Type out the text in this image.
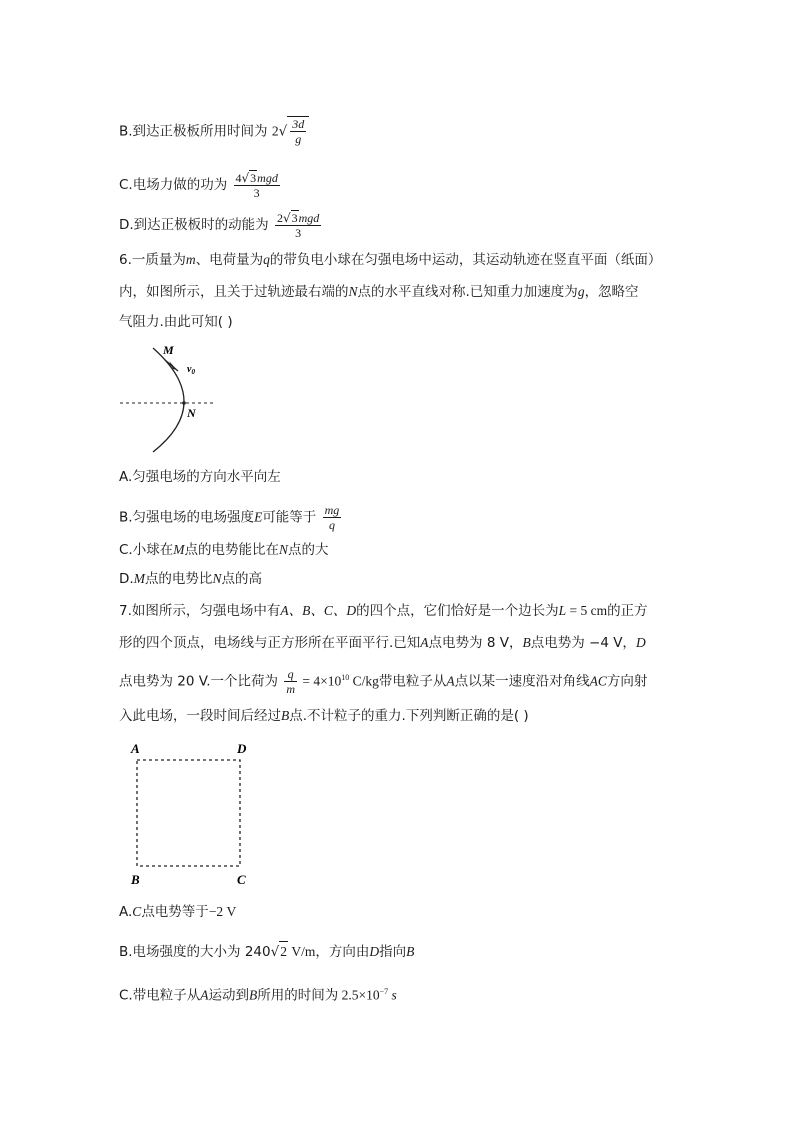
B.到达正极板所用时间为 $2√ \frac{3d}{g}$
C.电场力做的功为 $\frac{\text{4√3mgd}}{3}$
D.到达正极板时的动能为 $\frac{\text{2√3mgd}}{3}$
6.一质量为m、电荷量为q的带负电小球在匀强电场中运动，其运动轨迹在竖直平面（纸面）
内，如图所示，且关于过轨迹最右端的N点的水平直线对称.已知重力加速度为g，忽略空
气阻力.由此可知( )
M
$v_0$
N
A.匀强电场的方向水平向左
B.匀强电场的电场强度E可能等于 $\frac{mg}{q}$
C.小球在M点的电势能比在N点的大
D.M点的电势比N点的高
7.如图所示，匀强电场中有A、B、C、D的四个点，它们恰好是一个边长为L = 5 cm的正方
形的四个顶点，电场线与正方形所在平面平行.已知A点电势为 8 V，B点电势为 −4 V，D
点电势为 20 V.一个比荷为 $\frac{q}{m} = 4\times 10^{10}$ C/kg带电粒子从A点以某一速度沿对角线AC方向射
入此电场，一段时间后经过B点.不计粒子的重力.下列判断正确的是( )
A	D
B	C
A.C点电势等于−2 V
B.电场强度的大小为 240√2 V/m，方向由D指向B
C.带电粒子从A运动到B所用的时间为 $2.5\times 10^{-7}$ s
